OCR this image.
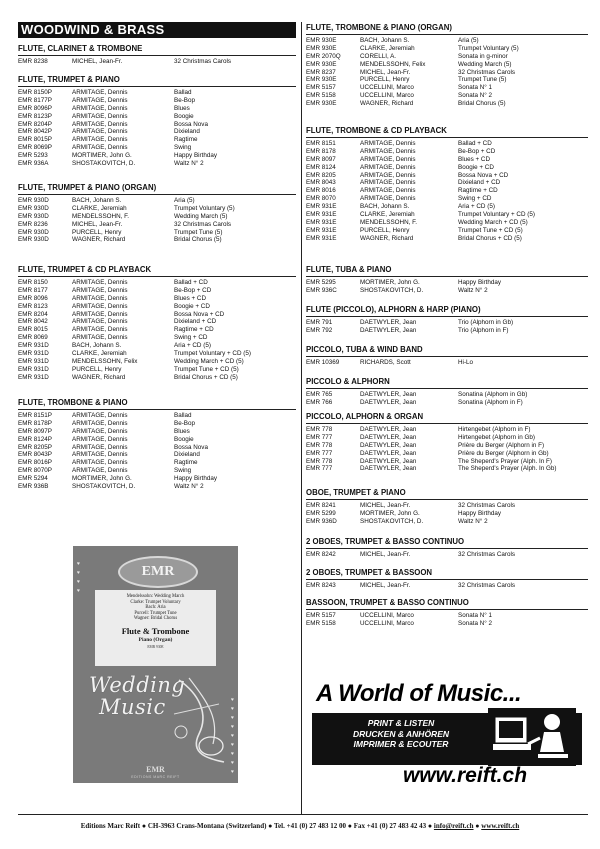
WOODWIND & BRASS
FLUTE, CLARINET & TROMBONE
EMR 8238	MICHEL, Jean-Fr.	32 Christmas Carols
FLUTE, TRUMPET & PIANO
EMR 8150P	ARMITAGE, Dennis	Ballad
EMR 8177P	ARMITAGE, Dennis	Be-Bop
EMR 8096P	ARMITAGE, Dennis	Blues
EMR 8123P	ARMITAGE, Dennis	Boogie
EMR 8204P	ARMITAGE, Dennis	Bossa Nova
EMR 8042P	ARMITAGE, Dennis	Dixieland
EMR 8015P	ARMITAGE, Dennis	Ragtime
EMR 8069P	ARMITAGE, Dennis	Swing
EMR 5293	MORTIMER, John G.	Happy Birthday
EMR 936A	SHOSTAKOVITCH, D.	Waltz N° 2
FLUTE, TRUMPET & PIANO (ORGAN)
EMR 930D	BACH, Johann S.	Aria (5)
EMR 930D	CLARKE, Jeremiah	Trumpet Voluntary (5)
EMR 930D	MENDELSSOHN, F.	Wedding March (5)
EMR 8236	MICHEL, Jean-Fr.	32 Christmas Carols
EMR 930D	PURCELL, Henry	Trumpet Tune (5)
EMR 930D	WAGNER, Richard	Bridal Chorus (5)
FLUTE, TRUMPET & CD PLAYBACK
EMR 8150	ARMITAGE, Dennis	Ballad + CD
EMR 8177	ARMITAGE, Dennis	Be-Bop + CD
EMR 8096	ARMITAGE, Dennis	Blues + CD
EMR 8123	ARMITAGE, Dennis	Boogie + CD
EMR 8204	ARMITAGE, Dennis	Bossa Nova + CD
EMR 8042	ARMITAGE, Dennis	Dixieland + CD
EMR 8015	ARMITAGE, Dennis	Ragtime + CD
EMR 8069	ARMITAGE, Dennis	Swing + CD
EMR 931D	BACH, Johann S.	Aria + CD (5)
EMR 931D	CLARKE, Jeremiah	Trumpet Voluntary + CD (5)
EMR 931D	MENDELSSOHN, Felix	Wedding March + CD (5)
EMR 931D	PURCELL, Henry	Trumpet Tune + CD (5)
EMR 931D	WAGNER, Richard	Bridal Chorus + CD (5)
FLUTE, TROMBONE & PIANO
EMR 8151P	ARMITAGE, Dennis	Ballad
EMR 8178P	ARMITAGE, Dennis	Be-Bop
EMR 8097P	ARMITAGE, Dennis	Blues
EMR 8124P	ARMITAGE, Dennis	Boogie
EMR 8205P	ARMITAGE, Dennis	Bossa Nova
EMR 8043P	ARMITAGE, Dennis	Dixieland
EMR 8016P	ARMITAGE, Dennis	Ragtime
EMR 8070P	ARMITAGE, Dennis	Swing
EMR 5294	MORTIMER, John G.	Happy Birthday
EMR 936B	SHOSTAKOVITCH, D.	Waltz N° 2
FLUTE, TROMBONE & PIANO (ORGAN)
EMR 930E	BACH, Johann S.	Aria (5)
EMR 930E	CLARKE, Jeremiah	Trumpet Voluntary (5)
EMR 2070Q	CORELLI, A.	Sonata in g-minor
EMR 930E	MENDELSSOHN, Felix	Wedding March (5)
EMR 8237	MICHEL, Jean-Fr.	32 Christmas Carols
EMR 930E	PURCELL, Henry	Trumpet Tune (5)
EMR 5157	UCCELLINI, Marco	Sonata N° 1
EMR 5158	UCCELLINI, Marco	Sonata N° 2
EMR 930E	WAGNER, Richard	Bridal Chorus (5)
FLUTE, TROMBONE & CD PLAYBACK
EMR 8151	ARMITAGE, Dennis	Ballad + CD
EMR 8178	ARMITAGE, Dennis	Be-Bop + CD
EMR 8097	ARMITAGE, Dennis	Blues + CD
EMR 8124	ARMITAGE, Dennis	Boogie + CD
EMR 8205	ARMITAGE, Dennis	Bossa Nova + CD
EMR 8043	ARMITAGE, Dennis	Dixieland + CD
EMR 8016	ARMITAGE, Dennis	Ragtime + CD
EMR 8070	ARMITAGE, Dennis	Swing + CD
EMR 931E	BACH, Johann S.	Aria + CD (5)
EMR 931E	CLARKE, Jeremiah	Trumpet Voluntary + CD (5)
EMR 931E	MENDELSSOHN, F.	Wedding March + CD (5)
EMR 931E	PURCELL, Henry	Trumpet Tune + CD (5)
EMR 931E	WAGNER, Richard	Bridal Chorus + CD (5)
FLUTE, TUBA & PIANO
EMR 5295	MORTIMER, John G.	Happy Birthday
EMR 936C	SHOSTAKOVITCH, D.	Waltz N° 2
FLUTE (PICCOLO), ALPHORN & HARP (PIANO)
EMR 791	DAETWYLER, Jean	Trio (Alphorn in Gb)
EMR 792	DAETWYLER, Jean	Trio (Alphorn in F)
PICCOLO, TUBA & WIND BAND
EMR 10369	RICHARDS, Scott	Hi-Lo
PICCOLO & ALPHORN
EMR 765	DAETWYLER, Jean	Sonatina (Alphorn in Gb)
EMR 766	DAETWYLER, Jean	Sonatina (Alphorn in F)
PICCOLO, ALPHORN & ORGAN
EMR 778	DAETWYLER, Jean	Hirtengebet (Alphorn in F)
EMR 777	DAETWYLER, Jean	Hirtengebet (Alphorn in Gb)
EMR 778	DAETWYLER, Jean	Prière du Berger (Alphorn in F)
EMR 777	DAETWYLER, Jean	Prière du Berger (Alphorn in Gb)
EMR 778	DAETWYLER, Jean	The Sheperd's Prayer (Alph. In F)
EMR 777	DAETWYLER, Jean	The Sheperd's Prayer (Alph. In Gb)
OBOE, TRUMPET & PIANO
EMR 8241	MICHEL, Jean-Fr.	32 Christmas Carols
EMR 5299	MORTIMER, John G.	Happy Birthday
EMR 936D	SHOSTAKOVITCH, D.	Waltz N° 2
2 OBOES, TRUMPET & BASSO CONTINUO
EMR 8242	MICHEL, Jean-Fr.	32 Christmas Carols
2 OBOES, TRUMPET & BASSOON
EMR 8243	MICHEL, Jean-Fr.	32 Christmas Carols
BASSOON, TRUMPET & BASSO CONTINUO
EMR 5157	UCCELLINI, Marco	Sonata N° 1
EMR 5158	UCCELLINI, Marco	Sonata N° 2
♥
♥
♥
♥
♥
♥
♥
♥
♥
♥
♥
♥
♥
EMR
Mendelssohn: Wedding March
Clarke: Trumpet Voluntary
Bach: Aria
Purcell: Trumpet Tune
Wagner: Bridal Chorus
Flute & Trombone
Piano (Organ)
EMR 930E
Wedding
Music
EMR
EDITIONS MARC REIFT
A World of Music...
PRINT & LISTEN
DRUCKEN & ANHÖREN
IMPRIMER & ECOUTER
www.reift.ch
Editions Marc Reift ● CH-3963 Crans-Montana (Switzerland) ● Tel. +41 (0) 27 483 12 00 ● Fax +41 (0) 27 483 42 43 ● info@reift.ch ● www.reift.ch
